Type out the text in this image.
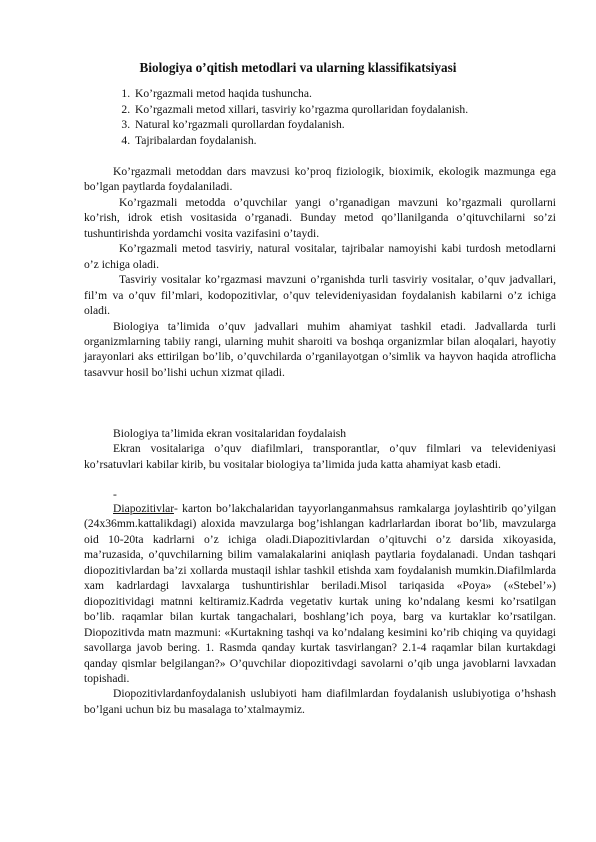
Biologiya o’qitish metodlari va ularning klassifikatsiyasi
1. Ko’rgazmali metod haqida tushuncha.
2. Ko’rgazmali metod xillari, tasviriy ko’rgazma qurollaridan foydalanish.
3. Natural ko’rgazmali qurollardan foydalanish.
4. Tajribalardan foydalanish.

Ko’rgazmali metoddan dars mavzusi ko’proq fiziologik, bioximik, ekologik mazmunga ega bo’lgan paytlarda foydalaniladi.

Ko’rgazmali metodda o’quvchilar yangi o’rganadigan mavzuni ko’rgazmali qurollarni ko’rish, idrok etish vositasida o’rganadi. Bunday metod qo’llanilganda o’qituvchilarni so’zi tushuntirishda yordamchi vosita vazifasini o’taydi.

Ko’rgazmali metod tasviriy, natural vositalar, tajribalar namoyishi kabi turdosh metodlarni o’z ichiga oladi.

Tasviriy vositalar ko’rgazmasi mavzuni o’rganishda turli tasviriy vositalar, o’quv jadvallari, fil’m va o’quv fil’mlari, kodopozitivlar, o’quv televideniyasidan foydalanish kabilarni o’z ichiga oladi.

Biologiya ta’limida o’quv jadvallari muhim ahamiyat tashkil etadi. Jadvallarda turli organizmlarning tabiiy rangi, ularning muhit sharoiti va boshqa organizmlar bilan aloqalari, hayotiy jarayonlari aks ettirilgan bo’lib, o’quvchilarda o’rganilayotgan o’simlik va hayvon haqida atroflicha tasavvur hosil bo’lishi uchun xizmat qiladi.

Biologiya ta’limida ekran vositalaridan foydalaish

Ekran vositalariga o’quv diafilmlari, transporantlar, o’quv filmlari va televideniyasi ko’rsatuvlari kabilar kirib, bu vositalar biologiya ta’limida juda katta ahamiyat kasb etadi.

-

Diapozitivlar- karton bo’lakchalaridan tayyorlanganmahsus ramkalarga joylashtirib qo’yilgan (24x36mm.kattalikdagi) aloxida mavzularga bog’ishlangan kadrlarlardan iborat bo’lib, mavzularga oid 10-20ta kadrlarni o’z ichiga oladi.Diapozitivlardan o’qituvchi o’z darsida xikoyasida, ma’ruzasida, o’quvchilarning bilim vamalakalarini aniqlash paytlaria foydalanadi. Undan tashqari diopozitivlardan ba’zi xollarda mustaqil ishlar tashkil etishda xam foydalanish mumkin.Diafilmlarda xam kadrlardagi lavxalarga tushuntirishlar beriladi.Misol tariqasida «Poya» («Stebel’») diopozitividagi matnni keltiramiz.Kadrda vegetativ kurtak uning ko’ndalang kesmi ko’rsatilgan bo’lib. raqamlar bilan kurtak tangachalari, boshlang’ich poya, barg va kurtaklar ko’rsatilgan. Diopozitivda matn mazmuni: «Kurtakning tashqi va ko’ndalang kesimini ko’rib chiqing va quyidagi savollarga javob bering. 1. Rasmda qanday kurtak tasvirlangan? 2.1-4 raqamlar bilan kurtakdagi qanday qismlar belgilangan?» O’quvchilar diopozitivdagi savolarni o’qib unga javoblarni lavxadan topishadi.

Diopozitivlardanfoydalanish uslubiyoti ham diafilmlardan foydalanish uslubiyotiga o’hshash bo’lgani uchun biz bu masalaga to’xtalmaymiz.
